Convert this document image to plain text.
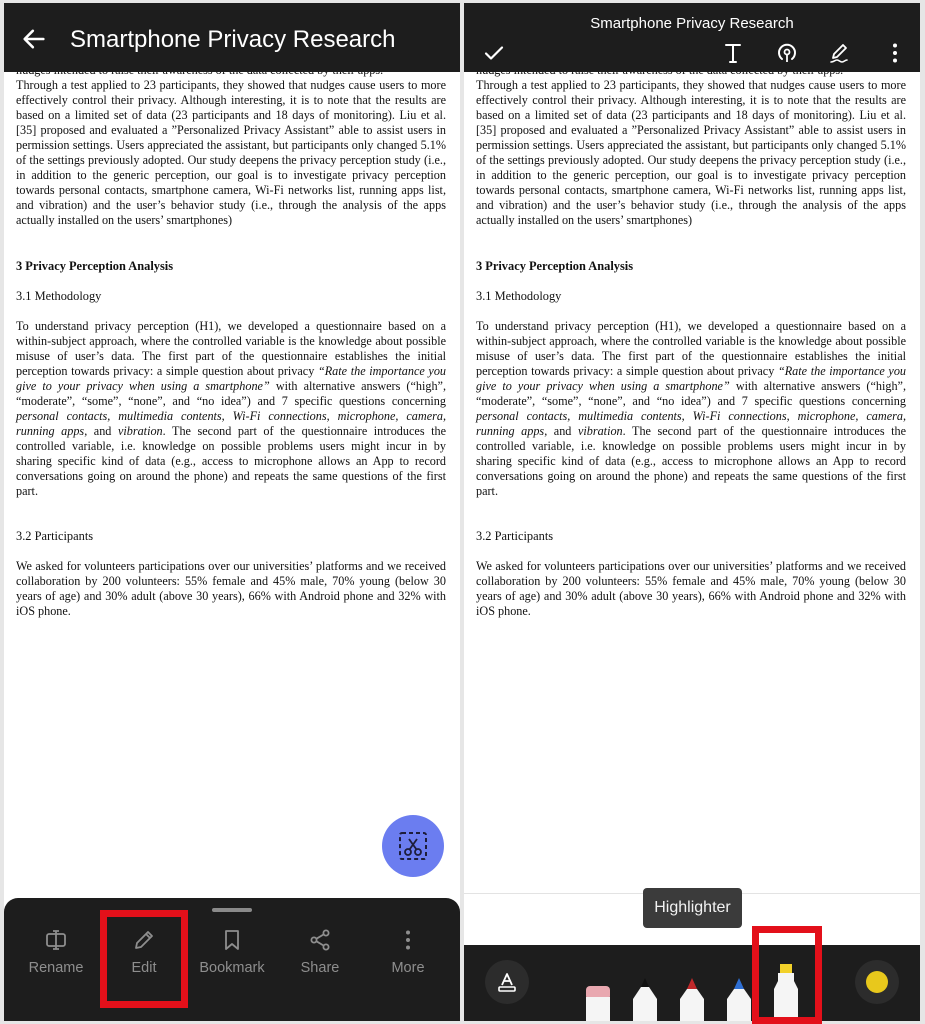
Through a test applied to 23 participants, they showed that nudges cause users to more effectively control their privacy. Although interesting, it is to note that the results are based on a limited set of data (23 participants and 18 days of monitoring). Liu et al. [35] proposed and evaluated a ”Personalized Privacy Assistant” able to assist users in permission settings. Users appreciated the assistant, but participants only changed 5.1% of the settings previously adopted. Our study deepens the privacy perception study (i.e., in addition to the generic perception, our goal is to investigate privacy perception towards personal contacts, smartphone camera, Wi-Fi networks list, running apps list, and vibration) and the user’s behavior study (i.e., through the analysis of the apps actually installed on the users’ smartphones)

3 Privacy Perception Analysis
3.1 Methodology

To understand privacy perception (H1), we developed a questionnaire based on a within-subject approach, where the controlled variable is the knowledge about possible misuse of user’s data. The first part of the questionnaire establishes the initial perception towards privacy: a simple question about privacy “Rate the importance you give to your privacy when using a smartphone” with alternative answers (“high”, “moderate”, “some”, “none”, and “no idea”) and 7 specific questions concerning personal contacts, multimedia contents, Wi-Fi connections, microphone, camera, running apps, and vibration. The second part of the questionnaire introduces the controlled variable, i.e. knowledge on possible problems users might incur in by sharing specific kind of data (e.g., access to microphone allows an App to record conversations going on around the phone) and repeats the same questions of the first part.

3.2 Participants

We asked for volunteers participations over our universities’ platforms and we received collaboration by 200 volunteers: 55% female and 45% male, 70% young (below 30 years of age) and 30% adult (above 30 years), 66% with Android phone and 32% with iOS phone.

Smartphone Privacy Research
Rename	Edit	Bookmark	Share	More

Through a test applied to 23 participants, they showed that nudges cause users to more effectively control their privacy. Although interesting, it is to note that the results are based on a limited set of data (23 participants and 18 days of monitoring). Liu et al. [35] proposed and evaluated a ”Personalized Privacy Assistant” able to assist users in permission settings. Users appreciated the assistant, but participants only changed 5.1% of the settings previously adopted. Our study deepens the privacy perception study (i.e., in addition to the generic perception, our goal is to investigate privacy perception towards personal contacts, smartphone camera, Wi-Fi networks list, running apps list, and vibration) and the user’s behavior study (i.e., through the analysis of the apps actually installed on the users’ smartphones)

3 Privacy Perception Analysis
3.1 Methodology

To understand privacy perception (H1), we developed a questionnaire based on a within-subject approach, where the controlled variable is the knowledge about possible misuse of user’s data. The first part of the questionnaire establishes the initial perception towards privacy: a simple question about privacy “Rate the importance you give to your privacy when using a smartphone” with alternative answers (“high”, “moderate”, “some”, “none”, and “no idea”) and 7 specific questions concerning personal contacts, multimedia contents, Wi-Fi connections, microphone, camera, running apps, and vibration. The second part of the questionnaire introduces the controlled variable, i.e. knowledge on possible problems users might incur in by sharing specific kind of data (e.g., access to microphone allows an App to record conversations going on around the phone) and repeats the same questions of the first part.

3.2 Participants

We asked for volunteers participations over our universities’ platforms and we received collaboration by 200 volunteers: 55% female and 45% male, 70% young (below 30 years of age) and 30% adult (above 30 years), 66% with Android phone and 32% with iOS phone.

Smartphone Privacy Research
Highlighter
